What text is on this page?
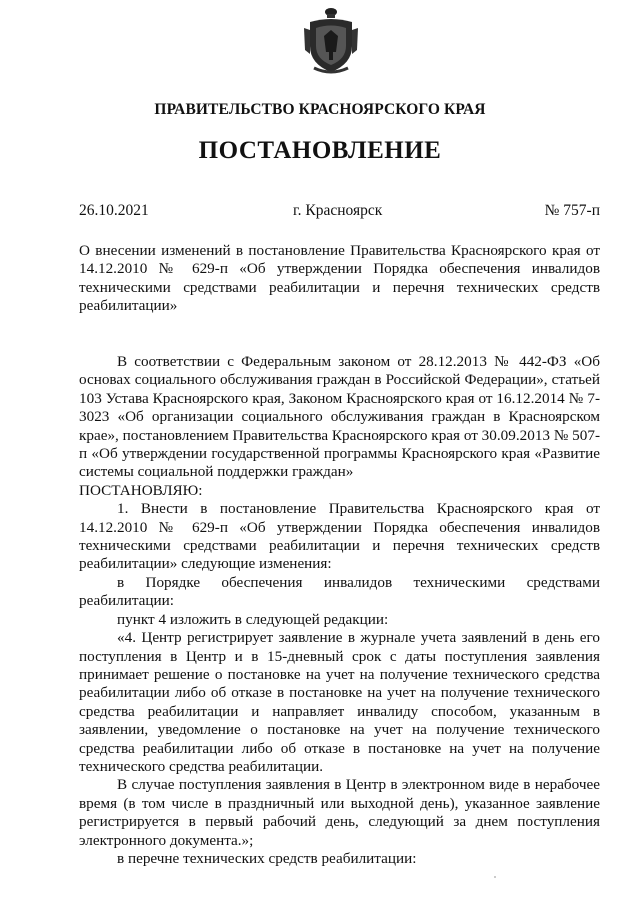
ПРАВИТЕЛЬСТВО КРАСНОЯРСКОГО КРАЯ
ПОСТАНОВЛЕНИЕ
26.10.2021	г. Красноярск	№ 757-п
О внесении изменений в постановление Правительства Красноярского края от 14.12.2010 № 629-п «Об утверждении Порядка обеспечения инвалидов техническими средствами реабилитации и перечня технических средств реабилитации»

В соответствии с Федеральным законом от 28.12.2013 № 442-ФЗ «Об основах социального обслуживания граждан в Российской Федерации», статьей 103 Устава Красноярского края, Законом Красноярского края от 16.12.2014 № 7-3023 «Об организации социального обслуживания граждан в Красноярском крае», постановлением Правительства Красноярского края от 30.09.2013 № 507-п «Об утверждении государственной программы Красноярского края «Развитие системы социальной поддержки граждан»

ПОСТАНОВЛЯЮ:

1. Внести в постановление Правительства Красноярского края от 14.12.2010 № 629-п «Об утверждении Порядка обеспечения инвалидов техническими средствами реабилитации и перечня технических средств реабилитации» следующие изменения:

в Порядке обеспечения инвалидов техническими средствами реабилитации:

пункт 4 изложить в следующей редакции:

«4. Центр регистрирует заявление в журнале учета заявлений в день его поступления в Центр и в 15-дневный срок с даты поступления заявления принимает решение о постановке на учет на получение технического средства реабилитации либо об отказе в постановке на учет на получение технического средства реабилитации и направляет инвалиду способом, указанным в заявлении, уведомление о постановке на учет на получение технического средства реабилитации либо об отказе в постановке на учет на получение технического средства реабилитации.

В случае поступления заявления в Центр в электронном виде в нерабочее время (в том числе в праздничный или выходной день), указанное заявление регистрируется в первый рабочий день, следующий за днем поступления электронного документа.»;

в перечне технических средств реабилитации:
